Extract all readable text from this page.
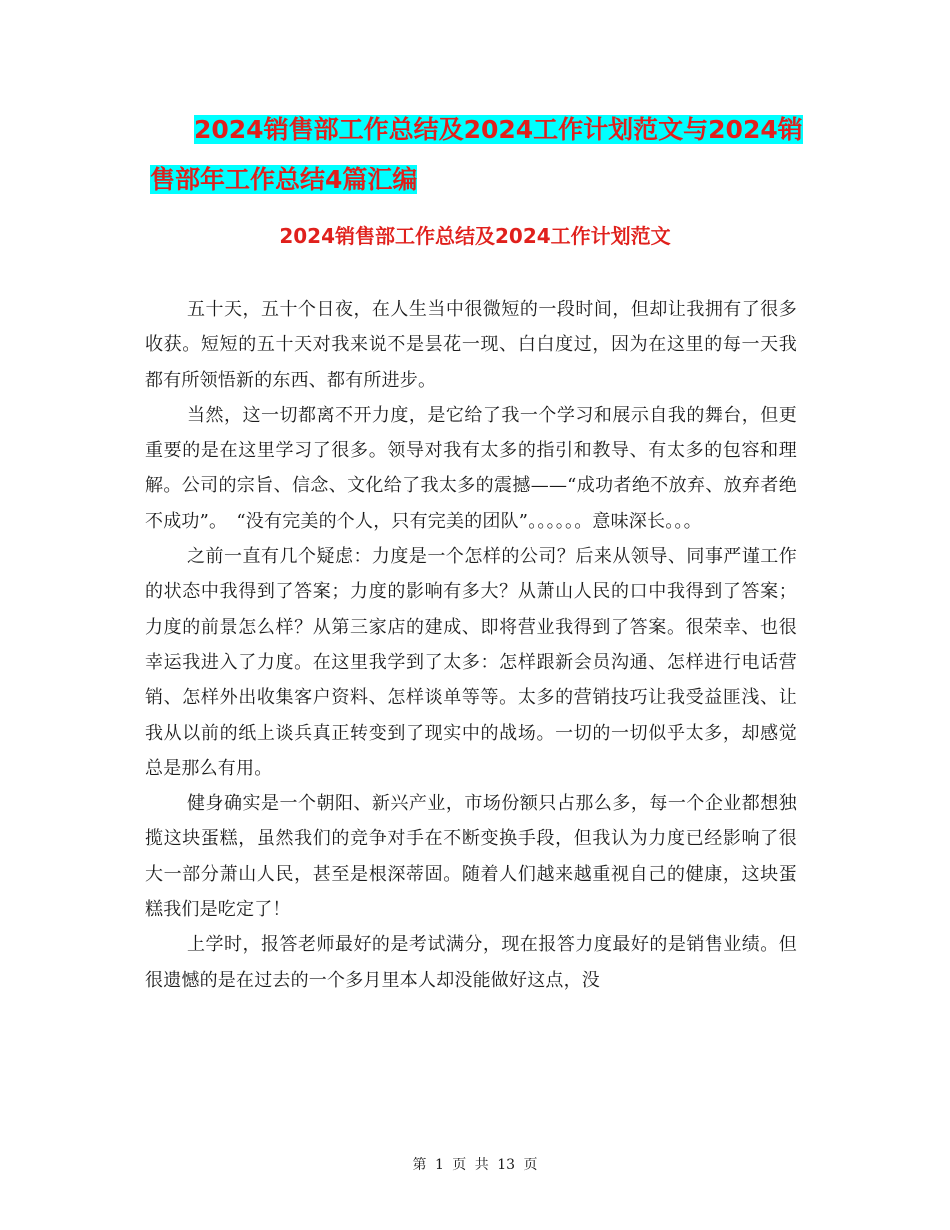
2024销售部工作总结及2024工作计划范文与2024销售部年工作总结4篇汇编
2024销售部工作总结及2024工作计划范文

五十天，五十个日夜，在人生当中很微短的一段时间，但却让我拥有了很多收获。短短的五十天对我来说不是昙花一现、白白度过，因为在这里的每一天我都有所领悟新的东西、都有所进步。

当然，这一切都离不开力度，是它给了我一个学习和展示自我的舞台，但更重要的是在这里学习了很多。领导对我有太多的指引和教导、有太多的包容和理解。公司的宗旨、信念、文化给了我太多的震撼——“成功者绝不放弃、放弃者绝不成功”。　“没有完美的个人，只有完美的团队”。。。。。。意味深长。。。

之前一直有几个疑虑：力度是一个怎样的公司？后来从领导、同事严谨工作的状态中我得到了答案；力度的影响有多大？从萧山人民的口中我得到了答案；力度的前景怎么样？从第三家店的建成、即将营业我得到了答案。很荣幸、也很幸运我进入了力度。在这里我学到了太多：怎样跟新会员沟通、怎样进行电话营销、怎样外出收集客户资料、怎样谈单等等。太多的营销技巧让我受益匪浅、让我从以前的纸上谈兵真正转变到了现实中的战场。一切的一切似乎太多，却感觉总是那么有用。

健身确实是一个朝阳、新兴产业，市场份额只占那么多，每一个企业都想独揽这块蛋糕，虽然我们的竞争对手在不断变换手段，但我认为力度已经影响了很大一部分萧山人民，甚至是根深蒂固。随着人们越来越重视自己的健康，这块蛋糕我们是吃定了！

上学时，报答老师最好的是考试满分，现在报答力度最好的是销售业绩。但很遗憾的是在过去的一个多月里本人却没能做好这点，没

第 1 页 共 13 页
